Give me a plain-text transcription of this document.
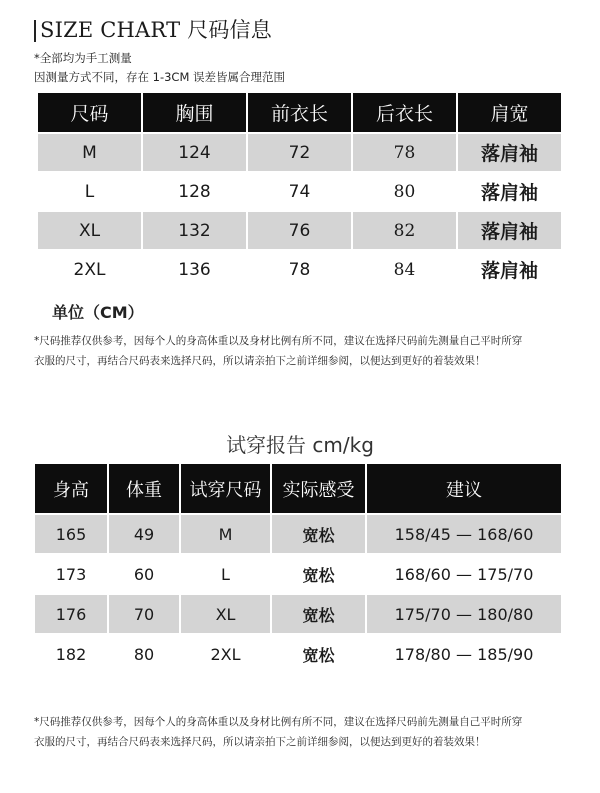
SIZE CHART 尺码信息
*全部均为手工测量
因测量方式不同，存在 1-3CM 误差皆属合理范围
尺码	胸围	前衣长	后衣长	肩宽
M	124	72	78	落肩袖
L	128	74	80	落肩袖
XL	132	76	82	落肩袖
2XL	136	78	84	落肩袖
单位（CM）
*尺码推荐仅供参考，因每个人的身高体重以及身材比例有所不同，建议在选择尺码前先测量自己平时所穿
衣服的尺寸，再结合尺码表来选择尺码，所以请亲拍下之前详细参阅，以便达到更好的着装效果！
试穿报告 cm/kg
身高	体重	试穿尺码	实际感受	建议
165	49	M	宽松	158/45 — 168/60
173	60	L	宽松	168/60 — 175/70
176	70	XL	宽松	175/70 — 180/80
182	80	2XL	宽松	178/80 — 185/90
*尺码推荐仅供参考，因每个人的身高体重以及身材比例有所不同，建议在选择尺码前先测量自己平时所穿
衣服的尺寸，再结合尺码表来选择尺码，所以请亲拍下之前详细参阅，以便达到更好的着装效果！
